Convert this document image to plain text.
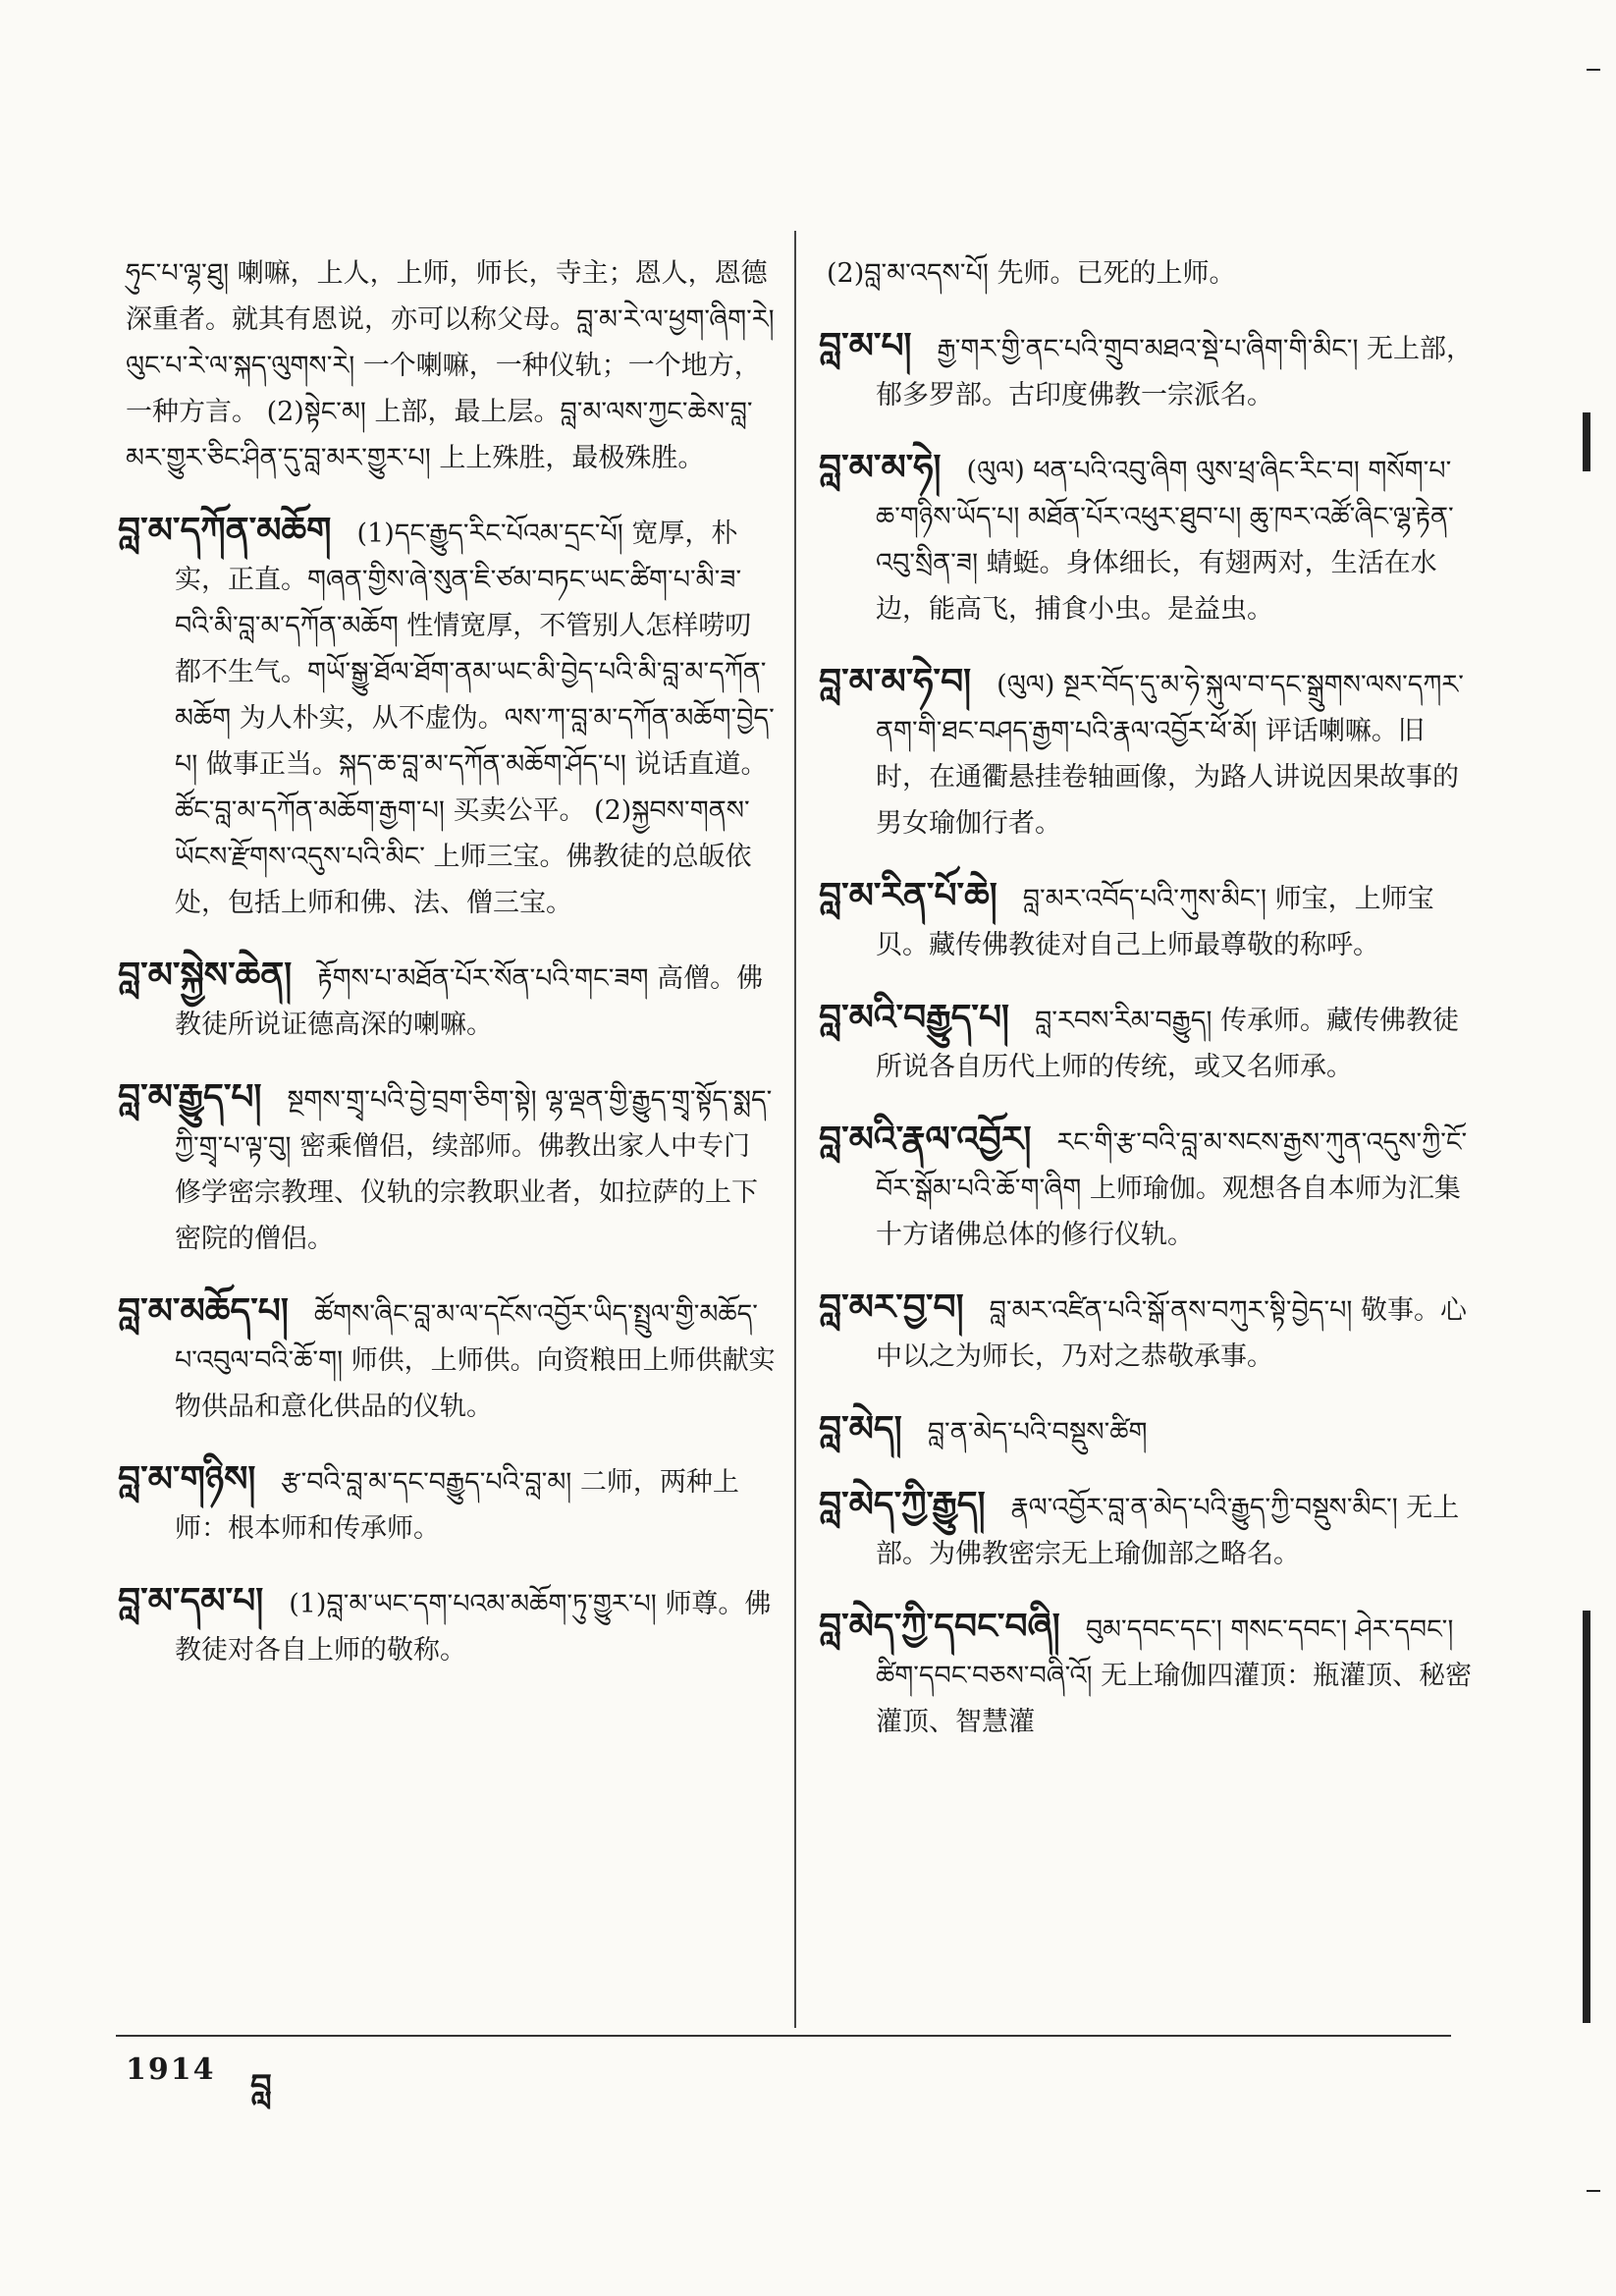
ཧུང་པ་ལྷ་ཐུ། 喇嘛，上人，上师，师长，寺主；恩人，恩德深重者。就其有恩说，亦可以称父母。བླ་མ་རེ་ལ་ཕྱག་ཞིག་རེ། ལུང་པ་རེ་ལ་སྐད་ལུགས་རེ། 一个喇嘛，一种仪轨；一个地方，一种方言。 (2)སྟེང་མ། 上部，最上层。བླ་མ་ལས་ཀྱང་ཆེས་བླ་མར་གྱུར་ཅིང་ཤིན་དུ་བླ་མར་གྱུར་པ། 上上殊胜，最极殊胜。

བླ་མ་དཀོན་མཆོག (1)དང་རྒྱུད་རིང་པོའམ་དྲང་པོ། 宽厚，朴实，正直。གཞན་གྱིས་ཞེ་སུན་ཇི་ཙམ་བཏང་ཡང་ཚིག་པ་མི་ཟ་བའི་མི་བླ་མ་དཀོན་མཆོག 性情宽厚，不管别人怎样唠叨都不生气。གཡོ་སྒྱུ་ཐོལ་ཐོག་ནམ་ཡང་མི་བྱེད་པའི་མི་བླ་མ་དཀོན་མཆོག 为人朴实，从不虚伪。ལས་ཀ་བླ་མ་དཀོན་མཆོག་བྱེད་པ། 做事正当。སྐད་ཆ་བླ་མ་དཀོན་མཆོག་ཤོད་པ། 说话直道。ཚོང་བླ་མ་དཀོན་མཆོག་རྒྱག་པ། 买卖公平。 (2)སྐྱབས་གནས་ཡོངས་རྫོགས་འདུས་པའི་མིང་ 上师三宝。佛教徒的总皈依处，包括上师和佛、法、僧三宝。

བླ་མ་སྐྱེས་ཆེན། རྟོགས་པ་མཐོན་པོར་སོན་པའི་གང་ཟག 高僧。佛教徒所说证德高深的喇嘛。

བླ་མ་རྒྱུད་པ། སྔགས་གྲྭ་པའི་བྱེ་བྲག་ཅིག་སྟེ། ལྷ་ལྡན་གྱི་རྒྱུད་གྲྭ་སྟོད་སྨད་ཀྱི་གྲྭ་པ་ལྟ་བུ། 密乘僧侣，续部师。佛教出家人中专门修学密宗教理、仪轨的宗教职业者，如拉萨的上下密院的僧侣。

བླ་མ་མཆོད་པ། ཚོགས་ཞིང་བླ་མ་ལ་དངོས་འབྱོར་ཡིད་སྤྲུལ་གྱི་མཆོད་པ་འབུལ་བའི་ཆོ་ག། 师供，上师供。向资粮田上师供献实物供品和意化供品的仪轨。

བླ་མ་གཉིས། རྩ་བའི་བླ་མ་དང་བརྒྱུད་པའི་བླ་མ། 二师，两种上师：根本师和传承师。

བླ་མ་དམ་པ། (1)བླ་མ་ཡང་དག་པའམ་མཆོག་ཏུ་གྱུར་པ། 师尊。佛教徒对各自上师的敬称。

(2)བླ་མ་འདས་པོ། 先师。已死的上师。

བླ་མ་པ། རྒྱ་གར་གྱི་ནང་པའི་གྲུབ་མཐའ་སྡེ་པ་ཞིག་གི་མིང་། 无上部，郁多罗部。古印度佛教一宗派名。

བླ་མ་མ་ཧེ། (ལུལ) ཕན་པའི་འབུ་ཞིག ལུས་ཕྲ་ཞིང་རིང་བ། གསོག་པ་ཆ་གཉིས་ཡོད་པ། མཐོན་པོར་འཕུར་ཐུབ་པ། ཆུ་ཁར་འཚོ་ཞིང་ལྷ་རྟེན་འབུ་སྲིན་ཟ། 蜻蜓。身体细长，有翅两对，生活在水边，能高飞，捕食小虫。是益虫。

བླ་མ་མ་ཧེ་བ། (ལུལ) སྔར་བོད་དུ་མ་ཧེ་སྐུལ་བ་དང་སྒྲུགས་ལས་དཀར་ནག་གི་ཐང་བཤད་རྒྱག་པའི་རྣལ་འབྱོར་ཕོ་མོ། 评话喇嘛。旧时，在通衢悬挂卷轴画像，为路人讲说因果故事的男女瑜伽行者。

བླ་མ་རིན་པོ་ཆེ། བླ་མར་འབོད་པའི་ཀུས་མིང་། 师宝，上师宝贝。藏传佛教徒对自己上师最尊敬的称呼。

བླ་མའི་བརྒྱུད་པ། བླ་རབས་རིམ་བརྒྱུད། 传承师。藏传佛教徒所说各自历代上师的传统，或又名师承。

བླ་མའི་རྣལ་འབྱོར། རང་གི་རྩ་བའི་བླ་མ་སངས་རྒྱས་ཀུན་འདུས་ཀྱི་ངོ་བོར་སྒོམ་པའི་ཆོ་ག་ཞིག 上师瑜伽。观想各自本师为汇集十方诸佛总体的修行仪轨。

བླ་མར་བྱ་བ། བླ་མར་འཛིན་པའི་སྒོ་ནས་བཀུར་སྟི་བྱེད་པ། 敬事。心中以之为师长，乃对之恭敬承事。

བླ་མེད། བླ་ན་མེད་པའི་བསྡུས་ཚིག

བླ་མེད་ཀྱི་རྒྱུད། རྣལ་འབྱོར་བླ་ན་མེད་པའི་རྒྱུད་ཀྱི་བསྡུས་མིང་། 无上部。为佛教密宗无上瑜伽部之略名。

བླ་མེད་ཀྱི་དབང་བཞི། བུམ་དབང་དང་། གསང་དབང་། ཤེར་དབང་། ཚིག་དབང་བཅས་བཞི་འོ། 无上瑜伽四灌顶：瓶灌顶、秘密灌顶、智慧灌

1914 བླ
